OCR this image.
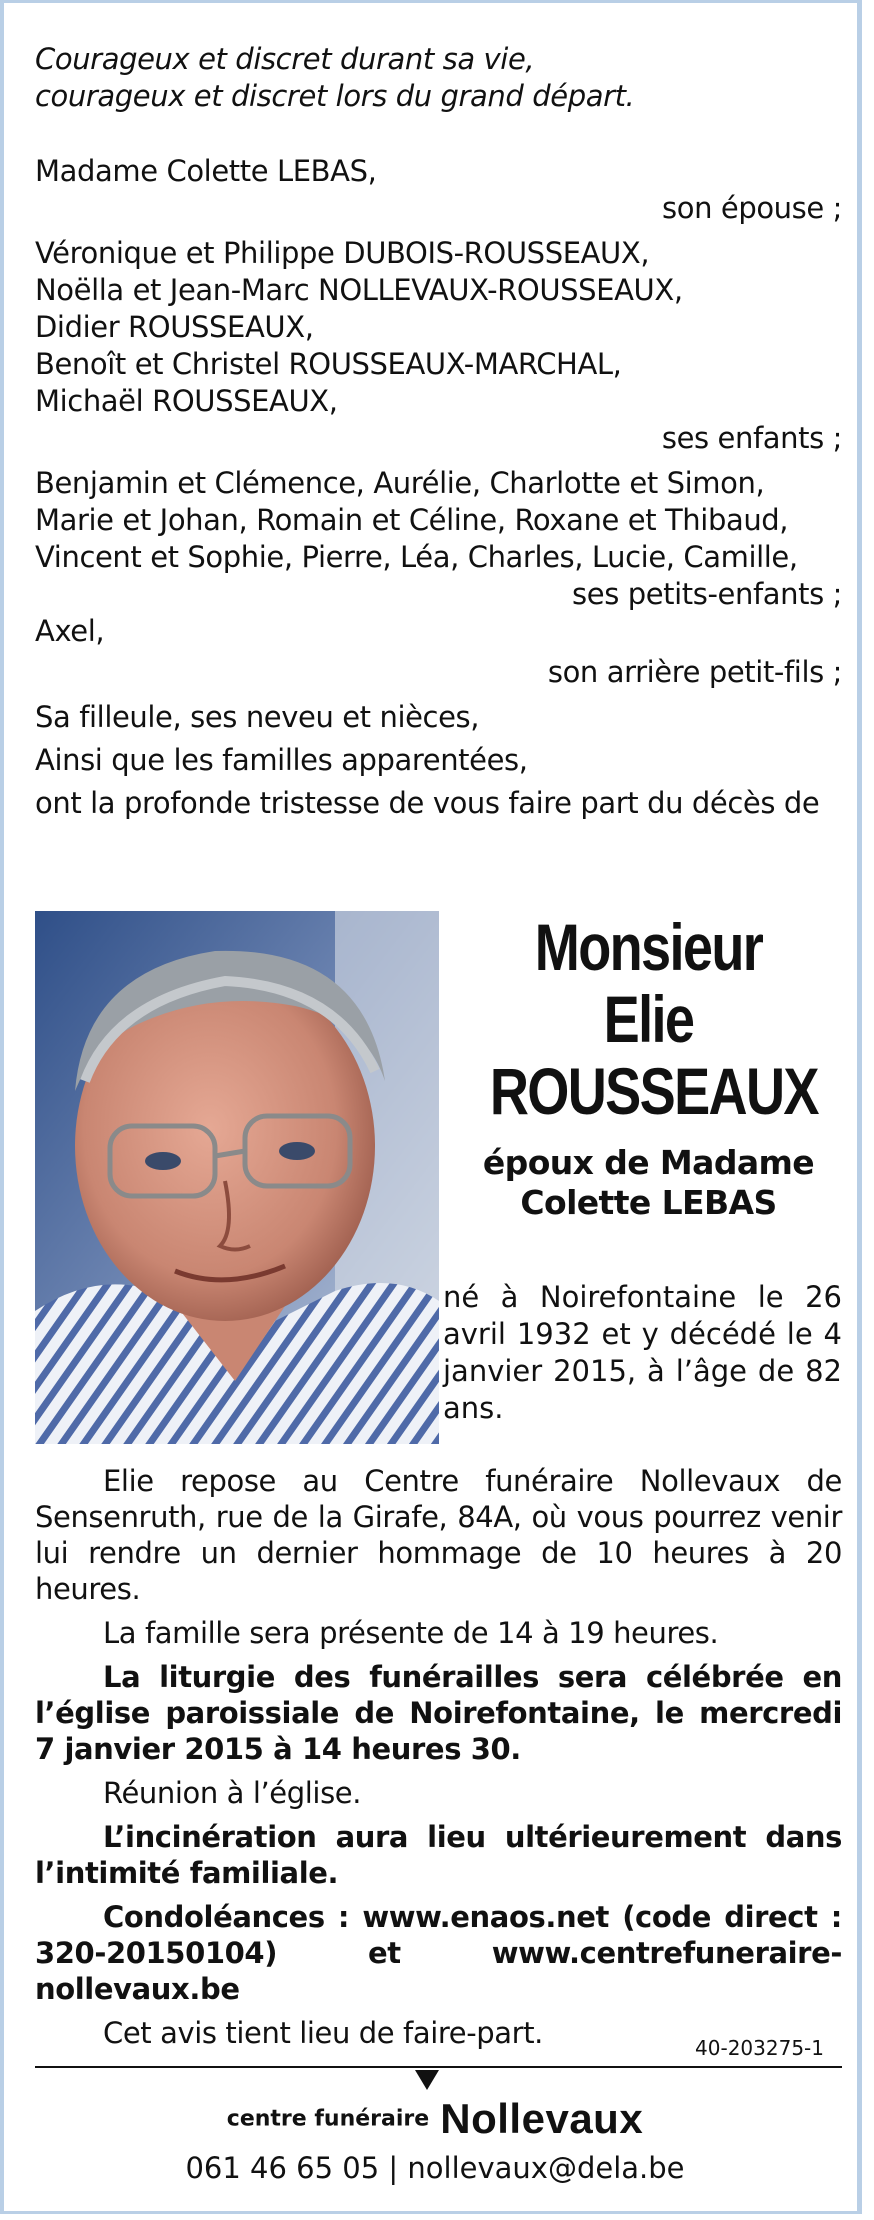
Courageux et discret durant sa vie,
courageux et discret lors du grand départ.
Madame Colette LEBAS,
son épouse ;
Véronique et Philippe DUBOIS-ROUSSEAUX,
Noëlla et Jean-Marc NOLLEVAUX-ROUSSEAUX,
Didier ROUSSEAUX,
Benoît et Christel ROUSSEAUX-MARCHAL,
Michaël ROUSSEAUX,
ses enfants ;
Benjamin et Clémence, Aurélie, Charlotte et Simon,
Marie et Johan, Romain et Céline, Roxane et Thibaud,
Vincent et Sophie, Pierre, Léa, Charles, Lucie, Camille,
ses petits-enfants ;
Axel,
son arrière petit-fils ;
Sa filleule, ses neveu et nièces,
Ainsi que les familles apparentées,
ont la profonde tristesse de vous faire part du décès de
Monsieur
Elie
ROUSSEAUX
époux de Madame
Colette LEBAS
né à Noirefontaine le 26 avril 1932 et y décédé le 4 janvier 2015, à l’âge de 82 ans.
Elie repose au Centre funéraire Nollevaux de Sensenruth, rue de la Girafe, 84A, où vous pourrez venir lui rendre un dernier hommage de 10 heures à 20 heures.
La famille sera présente de 14 à 19 heures.
La liturgie des funérailles sera célébrée en l’église paroissiale de Noirefontaine, le mercredi 7 janvier 2015 à 14 heures 30.
Réunion à l’église.
L’incinération aura lieu ultérieurement dans l’intimité familiale.
Condoléances : www.enaos.net (code direct : 320-20150104) et www.centrefuneraire-nollevaux.be
Cet avis tient lieu de faire-part.	40-203275-1
centre funéraire Nollevaux
061 46 65 05 | nollevaux@dela.be
